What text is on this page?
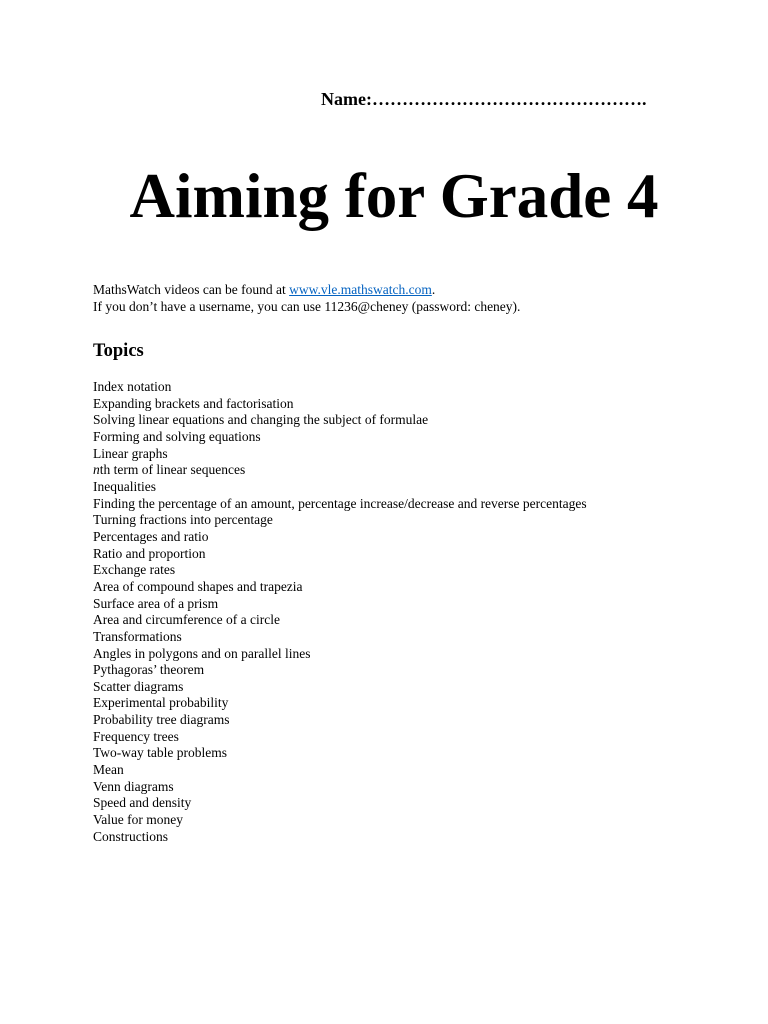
Name:……………………………………….
Aiming for Grade 4
MathsWatch videos can be found at www.vle.mathswatch.com.
If you don’t have a username, you can use 11236@cheney (password: cheney).
Topics
Index notation
Expanding brackets and factorisation
Solving linear equations and changing the subject of formulae
Forming and solving equations
Linear graphs
nth term of linear sequences
Inequalities
Finding the percentage of an amount, percentage increase/decrease and reverse percentages
Turning fractions into percentage
Percentages and ratio
Ratio and proportion
Exchange rates
Area of compound shapes and trapezia
Surface area of a prism
Area and circumference of a circle
Transformations
Angles in polygons and on parallel lines
Pythagoras’ theorem
Scatter diagrams
Experimental probability
Probability tree diagrams
Frequency trees
Two-way table problems
Mean
Venn diagrams
Speed and density
Value for money
Constructions
